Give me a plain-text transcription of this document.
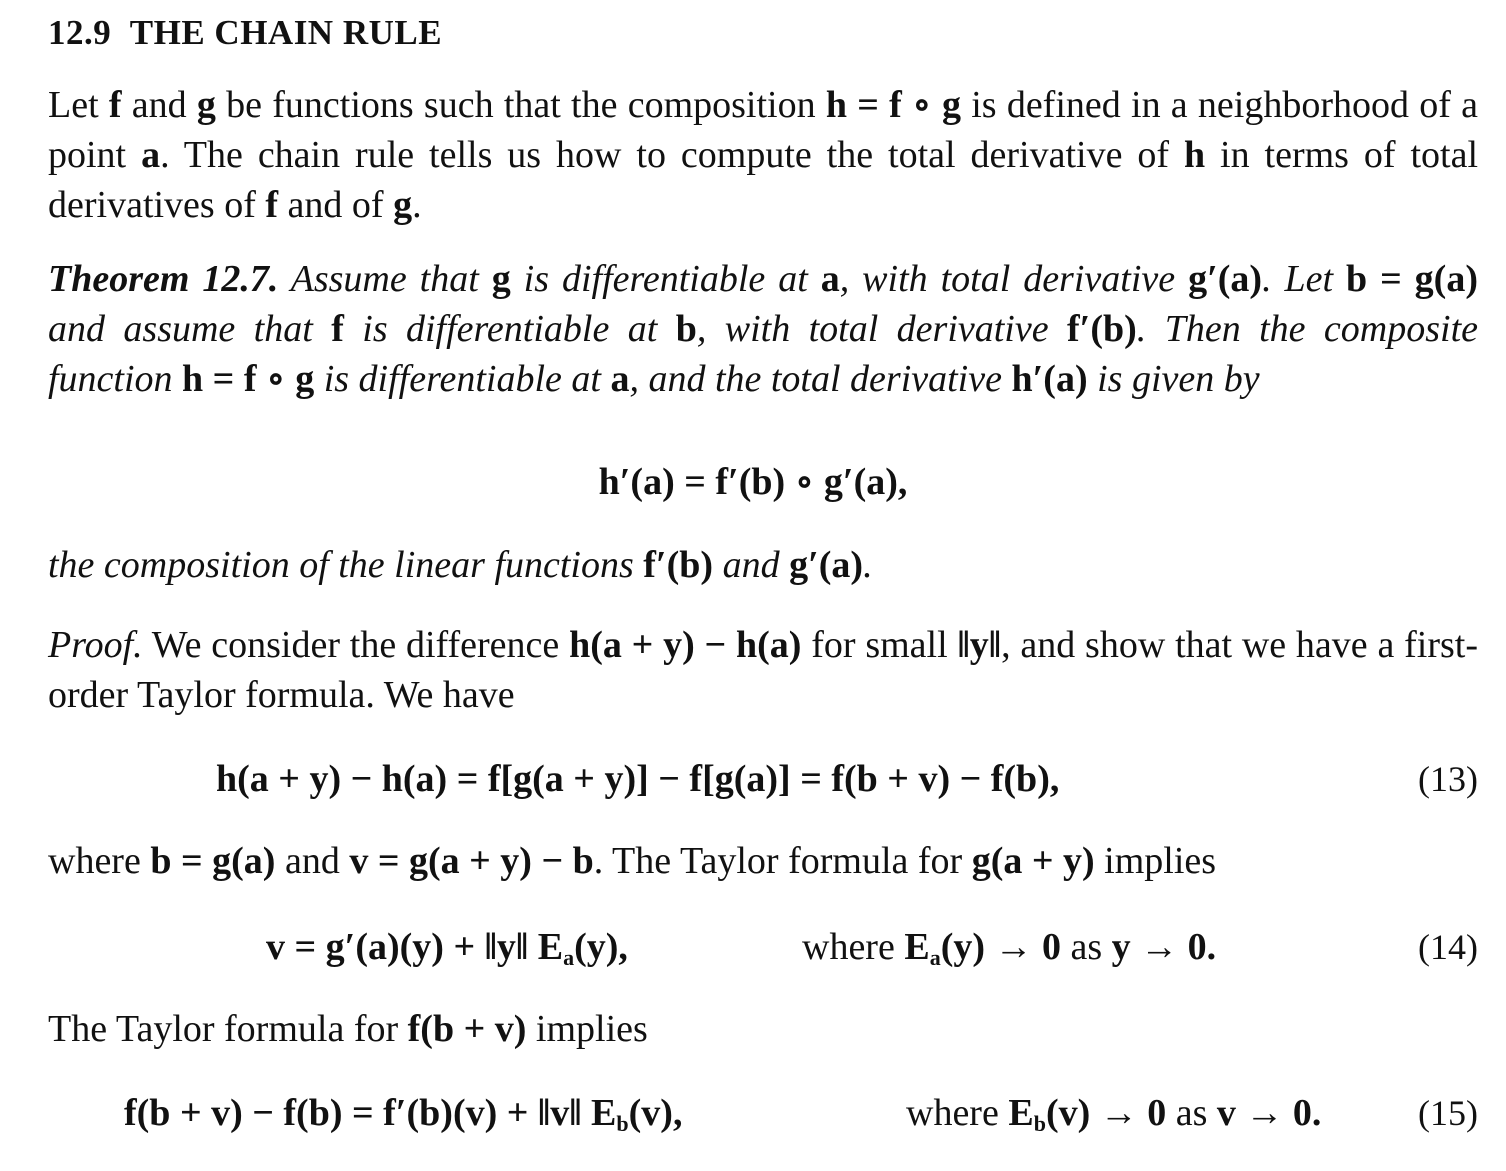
12.9 THE CHAIN RULE
Let f and g be functions such that the composition h = f ∘ g is defined in a neighborhood of a point a. The chain rule tells us how to compute the total derivative of h in terms of total derivatives of f and of g.
Theorem 12.7. Assume that g is differentiable at a, with total derivative g′(a). Let b = g(a) and assume that f is differentiable at b, with total derivative f′(b). Then the composite function h = f ∘ g is differentiable at a, and the total derivative h′(a) is given by
h′(a) = f′(b) ∘ g′(a),
the composition of the linear functions f′(b) and g′(a).
Proof. We consider the difference h(a + y) − h(a) for small ‖y‖, and show that we have a first-order Taylor formula. We have
h(a + y) − h(a) = f[g(a + y)] − f[g(a)] = f(b + v) − f(b),	(13)
where b = g(a) and v = g(a + y) − b. The Taylor formula for g(a + y) implies
v = g′(a)(y) + ‖y‖ $E_a(y)$,	where $E_a(y) \to 0$ as y → 0.	(14)
The Taylor formula for f(b + v) implies
f(b + v) − f(b) = f′(b)(v) + ‖v‖ $E_b(v)$,	where $E_b(v) \to 0$ as v → 0.	(15)
